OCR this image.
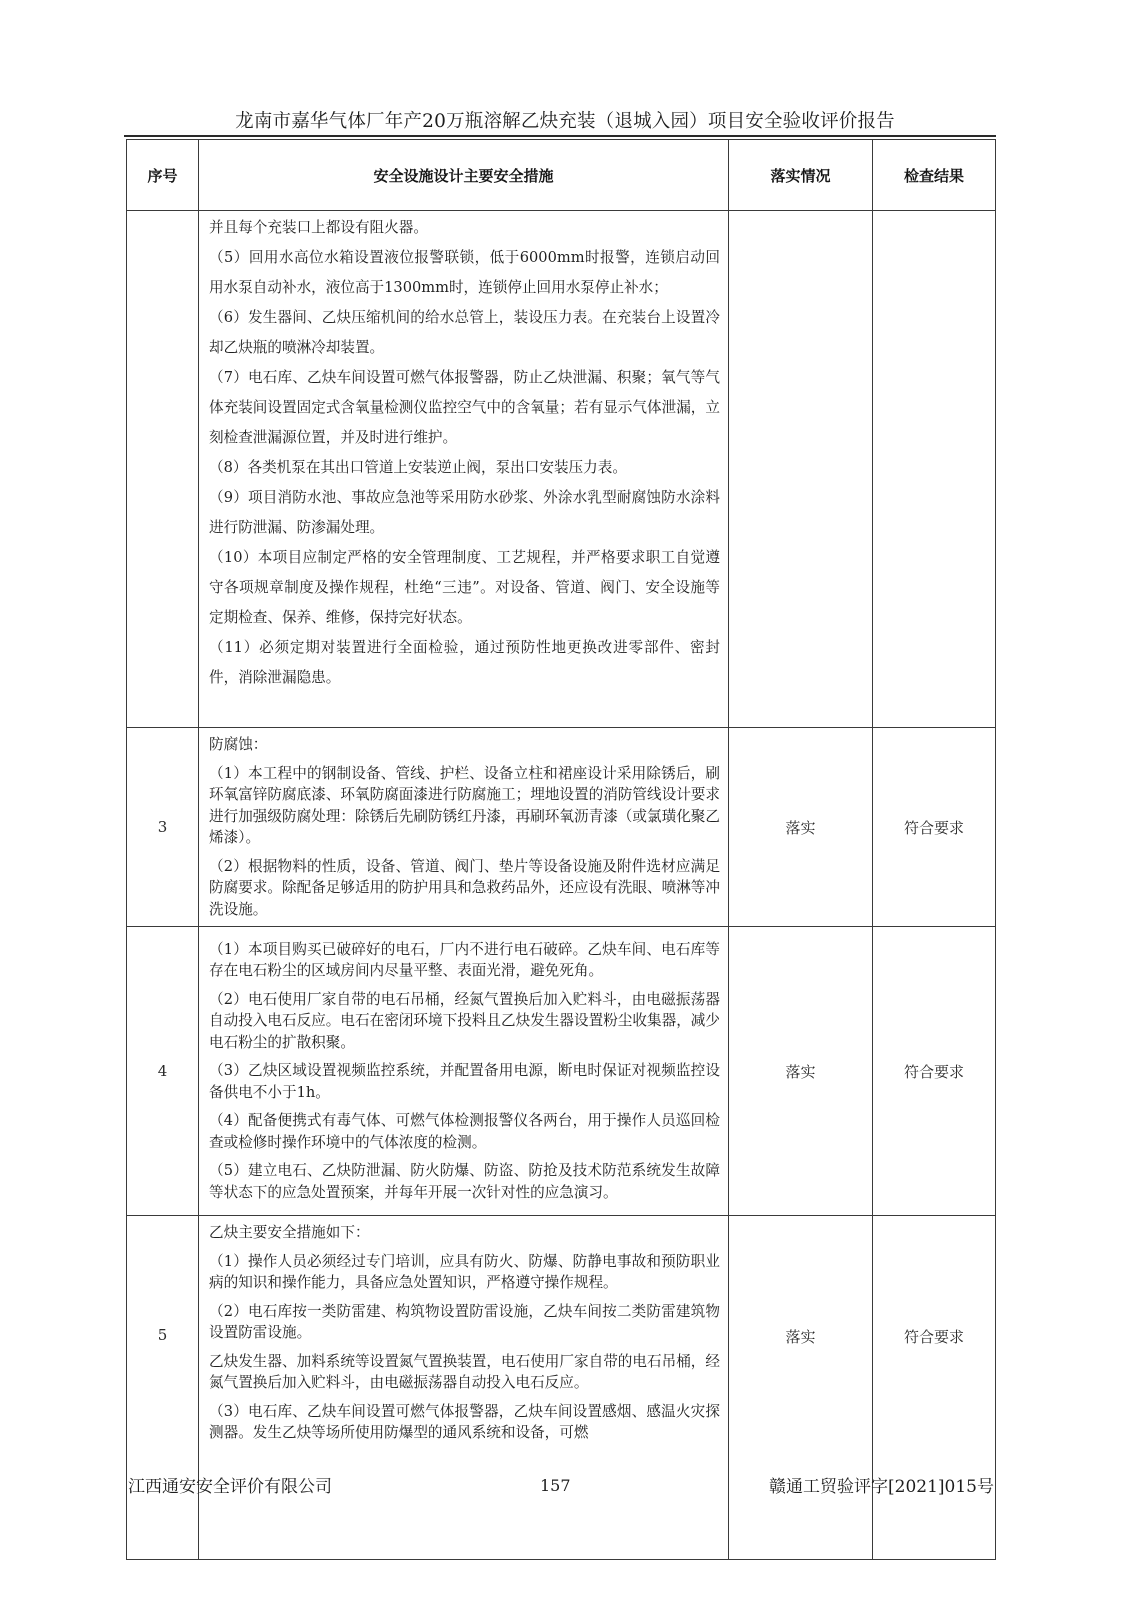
龙南市嘉华气体厂年产20万瓶溶解乙炔充装（退城入园）项目安全验收评价报告
序号	安全设施设计主要安全措施	落实情况	检查结果

并且每个充装口上都设有阻火器。

（5）回用水高位水箱设置液位报警联锁，低于6000mm时报警，连锁启动回用水泵自动补水，液位高于1300mm时，连锁停止回用水泵停止补水；

（6）发生器间、乙炔压缩机间的给水总管上，装设压力表。在充装台上设置冷却乙炔瓶的喷淋冷却装置。

（7）电石库、乙炔车间设置可燃气体报警器，防止乙炔泄漏、积聚；氧气等气体充装间设置固定式含氧量检测仪监控空气中的含氧量；若有显示气体泄漏，立刻检查泄漏源位置，并及时进行维护。

（8）各类机泵在其出口管道上安装逆止阀，泵出口安装压力表。

（9）项目消防水池、事故应急池等采用防水砂浆、外涂水乳型耐腐蚀防水涂料进行防泄漏、防渗漏处理。

（10）本项目应制定严格的安全管理制度、工艺规程，并严格要求职工自觉遵守各项规章制度及操作规程，杜绝“三违”。对设备、管道、阀门、安全设施等定期检查、保养、维修，保持完好状态。

（11）必须定期对装置进行全面检验，通过预防性地更换改进零部件、密封件，消除泄漏隐患。

3	防腐蚀：

（1）本工程中的钢制设备、管线、护栏、设备立柱和裙座设计采用除锈后，刷环氧富锌防腐底漆、环氧防腐面漆进行防腐施工；埋地设置的消防管线设计要求进行加强级防腐处理：除锈后先刷防锈红丹漆，再刷环氧沥青漆（或氯璜化聚乙烯漆）。

（2）根据物料的性质，设备、管道、阀门、垫片等设备设施及附件选材应满足防腐要求。除配备足够适用的防护用具和急救药品外，还应设有洗眼、喷淋等冲洗设施。	落实	符合要求
4	（1）本项目购买已破碎好的电石，厂内不进行电石破碎。乙炔车间、电石库等存在电石粉尘的区域房间内尽量平整、表面光滑，避免死角。

（2）电石使用厂家自带的电石吊桶，经氮气置换后加入贮料斗，由电磁振荡器自动投入电石反应。电石在密闭环境下投料且乙炔发生器设置粉尘收集器，减少电石粉尘的扩散积聚。

（3）乙炔区域设置视频监控系统，并配置备用电源，断电时保证对视频监控设备供电不小于1h。

（4）配备便携式有毒气体、可燃气体检测报警仪各两台，用于操作人员巡回检查或检修时操作环境中的气体浓度的检测。

（5）建立电石、乙炔防泄漏、防火防爆、防盗、防抢及技术防范系统发生故障等状态下的应急处置预案，并每年开展一次针对性的应急演习。	落实	符合要求
5	乙炔主要安全措施如下：

（1）操作人员必须经过专门培训，应具有防火、防爆、防静电事故和预防职业病的知识和操作能力，具备应急处置知识，严格遵守操作规程。

（2）电石库按一类防雷建、构筑物设置防雷设施，乙炔车间按二类防雷建筑物设置防雷设施。

乙炔发生器、加料系统等设置氮气置换装置，电石使用厂家自带的电石吊桶，经氮气置换后加入贮料斗，由电磁振荡器自动投入电石反应。

（3）电石库、乙炔车间设置可燃气体报警器，乙炔车间设置感烟、感温火灾探测器。发生乙炔等场所使用防爆型的通风系统和设备，可燃	落实	符合要求
江西通安安全评价有限公司	157	赣通工贸验评字[2021]015号
